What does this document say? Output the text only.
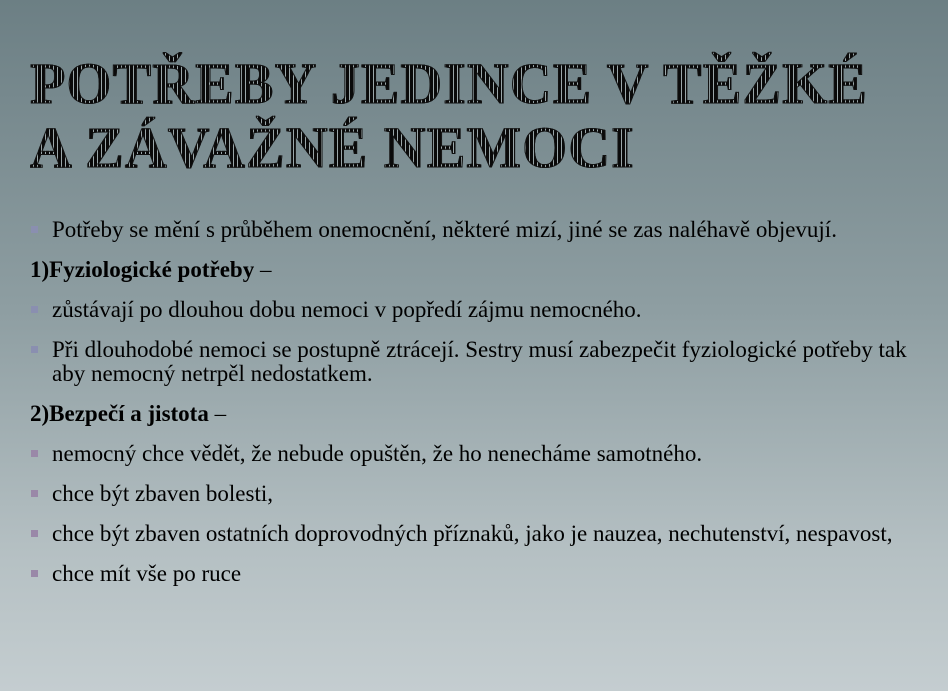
POTŘEBY JEDINCE V TĚŽKÉ
A ZÁVAŽNÉ NEMOCI
Potřeby se mění s průběhem onemocnění, některé mizí, jiné se zas naléhavě objevují.
1)Fyziologické potřeby –
zůstávají po dlouhou dobu nemoci v popředí zájmu nemocného.
Při dlouhodobé nemoci se postupně ztrácejí. Sestry musí zabezpečit fyziologické potřeby tak aby nemocný netrpěl nedostatkem.
2)Bezpečí a jistota –
nemocný chce vědět, že nebude opuštěn, že ho nenecháme samotného.
chce být zbaven bolesti,
chce být zbaven ostatních doprovodných příznaků, jako je nauzea, nechutenství, nespavost,
chce mít vše po ruce
